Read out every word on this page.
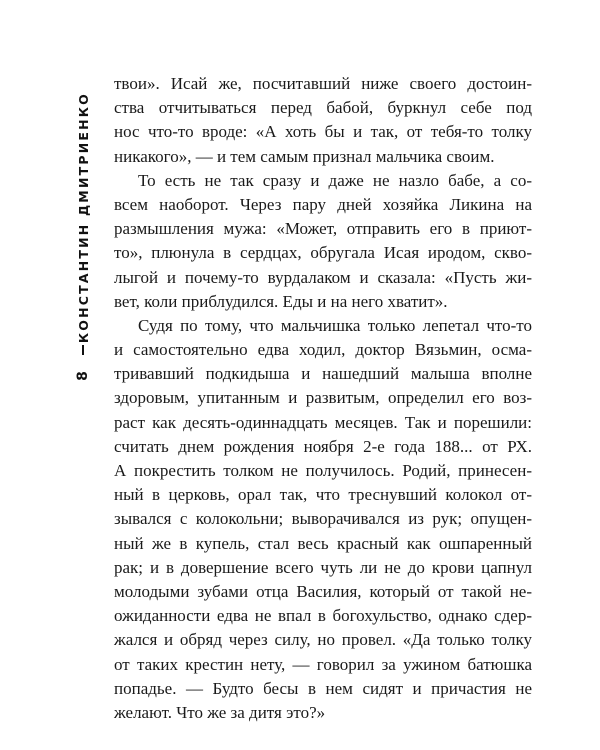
КОНСТАНТИН ДМИТРИЕНКО
8
твои». Исай же, посчитавший ниже своего достоин-
ства отчитываться перед бабой, буркнул себе под
нос что-то вроде: «А хоть бы и так, от тебя-то толку
никакого», — и тем самым признал мальчика своим.
То есть не так сразу и даже не назло бабе, а со-
всем наоборот. Через пару дней хозяйка Ликина на
размышления мужа: «Может, отправить его в приют-
то», плюнула в сердцах, обругала Исая иродом, скво-
лыгой и почему-то вурдалаком и сказала: «Пусть жи-
вет, коли приблудился. Еды и на него хватит».
Судя по тому, что мальчишка только лепетал что-то
и самостоятельно едва ходил, доктор Вязьмин, осма-
тривавший подкидыша и нашедший малыша вполне
здоровым, упитанным и развитым, определил его воз-
раст как десять-одиннадцать месяцев. Так и порешили:
считать днем рождения ноября 2-е года 188... от РХ.
А покрестить толком не получилось. Родий, принесен-
ный в церковь, орал так, что треснувший колокол от-
зывался с колокольни; выворачивался из рук; опущен-
ный же в купель, стал весь красный как ошпаренный
рак; и в довершение всего чуть ли не до крови цапнул
молодыми зубами отца Василия, который от такой не-
ожиданности едва не впал в богохульство, однако сдер-
жался и обряд через силу, но провел. «Да только толку
от таких крестин нету, — говорил за ужином батюшка
попадье. — Будто бесы в нем сидят и причастия не
желают. Что же за дитя это?»
